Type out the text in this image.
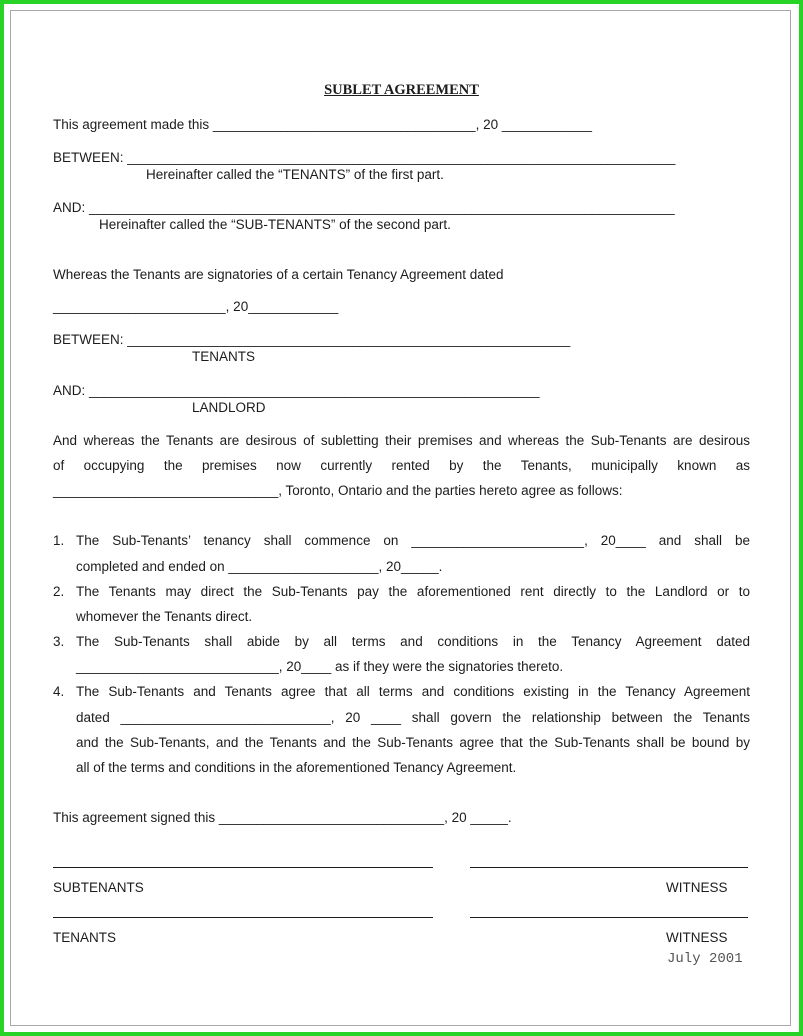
SUBLET AGREEMENT
This agreement made this ___________________________________, 20 ____________
BETWEEN: _________________________________________________________________________
Hereinafter called the “TENANTS” of the first part.
AND: ______________________________________________________________________________
Hereinafter called the “SUB-TENANTS” of the second part.
Whereas the Tenants are signatories of a certain Tenancy Agreement dated
_______________________, 20____________
BETWEEN: ___________________________________________________________
TENANTS
AND: ____________________________________________________________
LANDLORD
And whereas the Tenants are desirous of subletting their premises and whereas the Sub-Tenants are desirous
of occupying the premises now currently rented by the Tenants, municipally known as
______________________________, Toronto, Ontario and the parties hereto agree as follows:
1. The Sub-Tenants’ tenancy shall commence on _______________________, 20____ and shall be
completed and ended on ____________________, 20_____.
2. The Tenants may direct the Sub-Tenants pay the aforementioned rent directly to the Landlord or to
whomever the Tenants direct.
3. The Sub-Tenants shall abide by all terms and conditions in the Tenancy Agreement dated
___________________________, 20____ as if they were the signatories thereto.
4. The Sub-Tenants and Tenants agree that all terms and conditions existing in the Tenancy Agreement
dated ____________________________, 20 ____ shall govern the relationship between the Tenants
and the Sub-Tenants, and the Tenants and the Sub-Tenants agree that the Sub-Tenants shall be bound by
all of the terms and conditions in the aforementioned Tenancy Agreement.
This agreement signed this ______________________________, 20 _____.
SUBTENANTS	WITNESS
TENANTS	WITNESS
July 2001
